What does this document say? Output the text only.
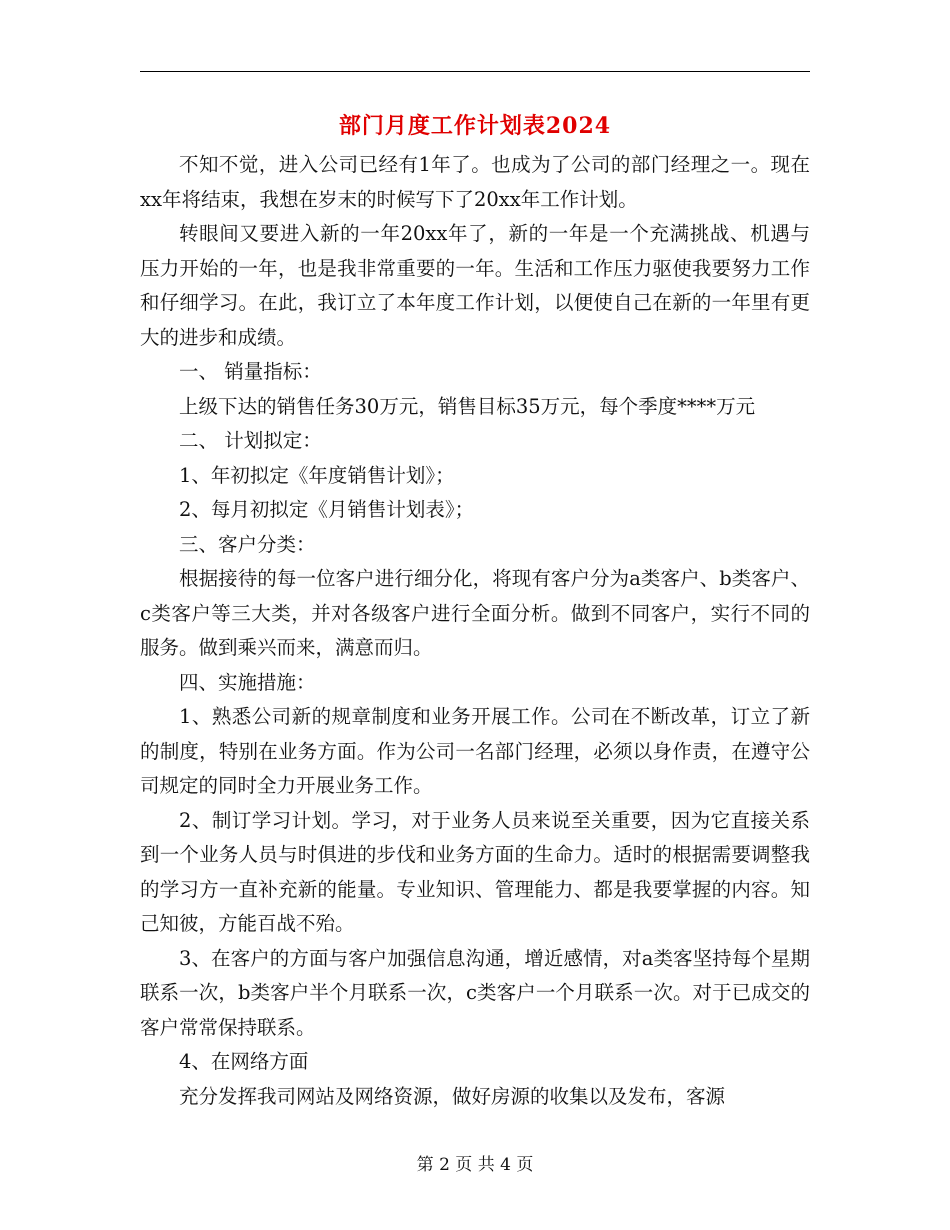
部门月度工作计划表2024

不知不觉，进入公司已经有1年了。也成为了公司的部门经理之一。现在xx年将结束，我想在岁末的时候写下了20xx年工作计划。

转眼间又要进入新的一年20xx年了，新的一年是一个充满挑战、机遇与压力开始的一年，也是我非常重要的一年。生活和工作压力驱使我要努力工作和仔细学习。在此，我订立了本年度工作计划，以便使自己在新的一年里有更大的进步和成绩。

一、 销量指标：

上级下达的销售任务30万元，销售目标35万元，每个季度****万元

二、 计划拟定：

1、年初拟定《年度销售计划》；

2、每月初拟定《月销售计划表》；

三、客户分类：

根据接待的每一位客户进行细分化，将现有客户分为a类客户、b类客户、c类客户等三大类，并对各级客户进行全面分析。做到不同客户，实行不同的服务。做到乘兴而来，满意而归。

四、实施措施：

1、熟悉公司新的规章制度和业务开展工作。公司在不断改革，订立了新的制度，特别在业务方面。作为公司一名部门经理，必须以身作责，在遵守公司规定的同时全力开展业务工作。

2、制订学习计划。学习，对于业务人员来说至关重要，因为它直接关系到一个业务人员与时俱进的步伐和业务方面的生命力。适时的根据需要调整我的学习方一直补充新的能量。专业知识、管理能力、都是我要掌握的内容。知己知彼，方能百战不殆。

3、在客户的方面与客户加强信息沟通，增近感情，对a类客坚持每个星期联系一次，b类客户半个月联系一次，c类客户一个月联系一次。对于已成交的客户常常保持联系。

4、在网络方面

充分发挥我司网站及网络资源，做好房源的收集以及发布，客源

第 2 页 共 4 页
